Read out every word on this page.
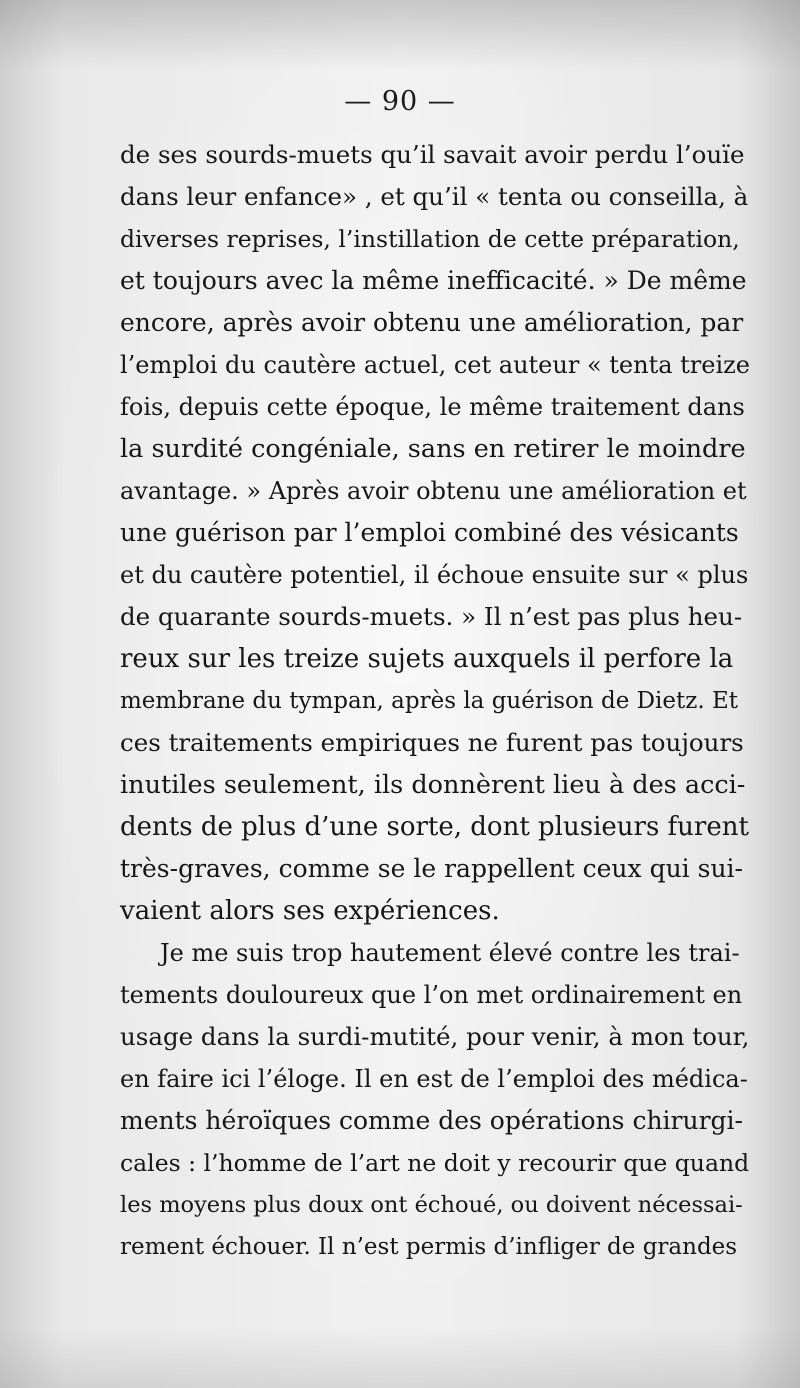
— 90 —
de ses sourds-muets qu’il savait avoir perdu l’ouïe
dans leur enfance» , et qu’il « tenta ou conseilla, à
diverses reprises, l’instillation de cette préparation,
et toujours avec la même inefficacité. » De même
encore, après avoir obtenu une amélioration, par
l’emploi du cautère actuel, cet auteur « tenta treize
fois, depuis cette époque, le même traitement dans
la surdité congéniale, sans en retirer le moindre
avantage. » Après avoir obtenu une amélioration et
une guérison par l’emploi combiné des vésicants
et du cautère potentiel, il échoue ensuite sur « plus
de quarante sourds-muets. » Il n’est pas plus heu-
reux sur les treize sujets auxquels il perfore la
membrane du tympan, après la guérison de Dietz. Et
ces traitements empiriques ne furent pas toujours
inutiles seulement, ils donnèrent lieu à des acci-
dents de plus d’une sorte, dont plusieurs furent
très-graves, comme se le rappellent ceux qui sui-
vaient alors ses expériences.
Je me suis trop hautement élevé contre les trai-
tements douloureux que l’on met ordinairement en
usage dans la surdi-mutité, pour venir, à mon tour,
en faire ici l’éloge. Il en est de l’emploi des médica-
ments héroïques comme des opérations chirurgi-
cales : l’homme de l’art ne doit y recourir que quand
les moyens plus doux ont échoué, ou doivent nécessai-
rement échouer. Il n’est permis d’infliger de grandes
